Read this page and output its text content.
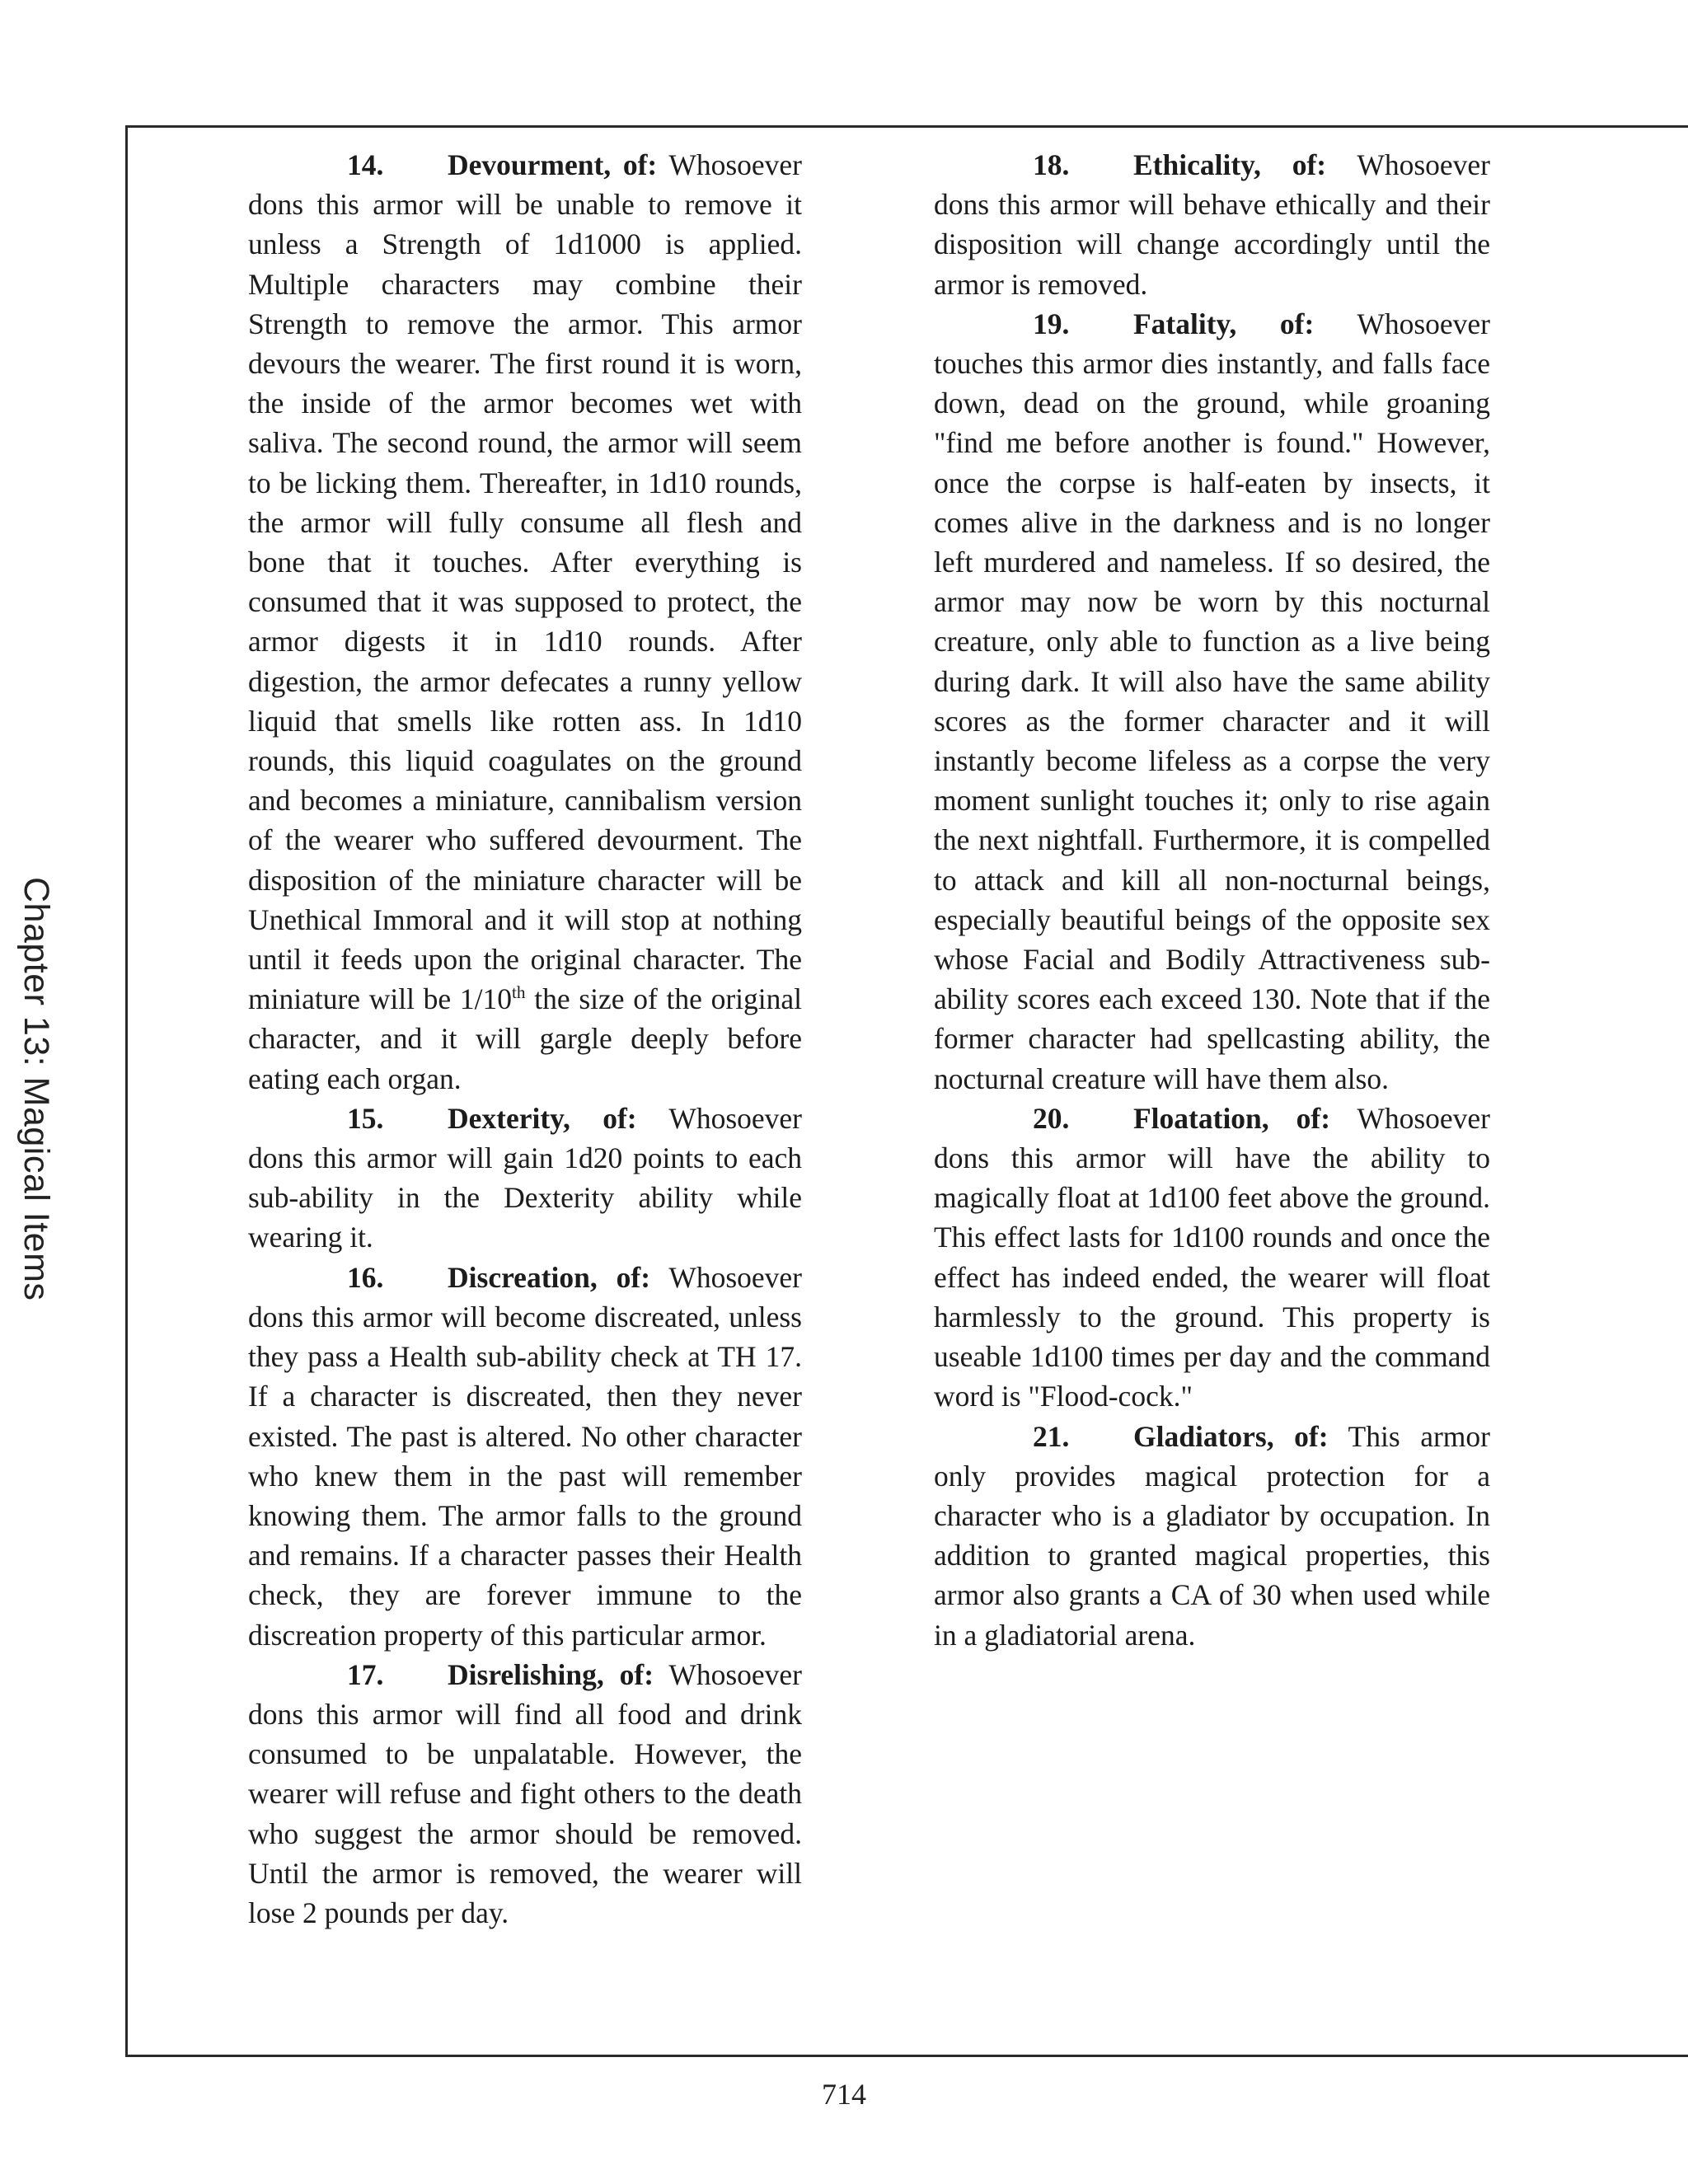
Chapter 13: Magical Items

14. Devourment, of: Whosoever dons this armor will be unable to remove it unless a Strength of 1d1000 is applied. Multiple characters may combine their Strength to remove the armor. This armor devours the wearer. The first round it is worn, the inside of the armor becomes wet with saliva. The second round, the armor will seem to be licking them. Thereafter, in 1d10 rounds, the armor will fully consume all flesh and bone that it touches. After everything is consumed that it was supposed to protect, the armor digests it in 1d10 rounds. After digestion, the armor defecates a runny yellow liquid that smells like rotten ass. In 1d10 rounds, this liquid coagulates on the ground and becomes a miniature, cannibalism version of the wearer who suffered devourment. The disposition of the miniature character will be Unethical Immoral and it will stop at nothing until it feeds upon the original character. The miniature will be 1/10th the size of the original character, and it will gargle deeply before eating each organ.

15. Dexterity, of: Whosoever dons this armor will gain 1d20 points to each sub-ability in the Dexterity ability while wearing it.

16. Discreation, of: Whosoever dons this armor will become discreated, unless they pass a Health sub-ability check at TH 17. If a character is discreated, then they never existed. The past is altered. No other character who knew them in the past will remember knowing them. The armor falls to the ground and remains. If a character passes their Health check, they are forever immune to the discreation property of this particular armor.

17. Disrelishing, of: Whosoever dons this armor will find all food and drink consumed to be unpalatable. However, the wearer will refuse and fight others to the death who suggest the armor should be removed. Until the armor is removed, the wearer will lose 2 pounds per day.

18. Ethicality, of: Whosoever dons this armor will behave ethically and their disposition will change accordingly until the armor is removed.

19. Fatality, of: Whosoever touches this armor dies instantly, and falls face down, dead on the ground, while groaning "find me before another is found." However, once the corpse is half-eaten by insects, it comes alive in the darkness and is no longer left murdered and nameless. If so desired, the armor may now be worn by this nocturnal creature, only able to function as a live being during dark. It will also have the same ability scores as the former character and it will instantly become lifeless as a corpse the very moment sunlight touches it; only to rise again the next nightfall. Furthermore, it is compelled to attack and kill all non-nocturnal beings, especially beautiful beings of the opposite sex whose Facial and Bodily Attractiveness sub-ability scores each exceed 130. Note that if the former character had spellcasting ability, the nocturnal creature will have them also.

20. Floatation, of: Whosoever dons this armor will have the ability to magically float at 1d100 feet above the ground. This effect lasts for 1d100 rounds and once the effect has indeed ended, the wearer will float harmlessly to the ground. This property is useable 1d100 times per day and the command word is "Flood-cock."

21. Gladiators, of: This armor only provides magical protection for a character who is a gladiator by occupation. In addition to granted magical properties, this armor also grants a CA of 30 when used while in a gladiatorial arena.

714
